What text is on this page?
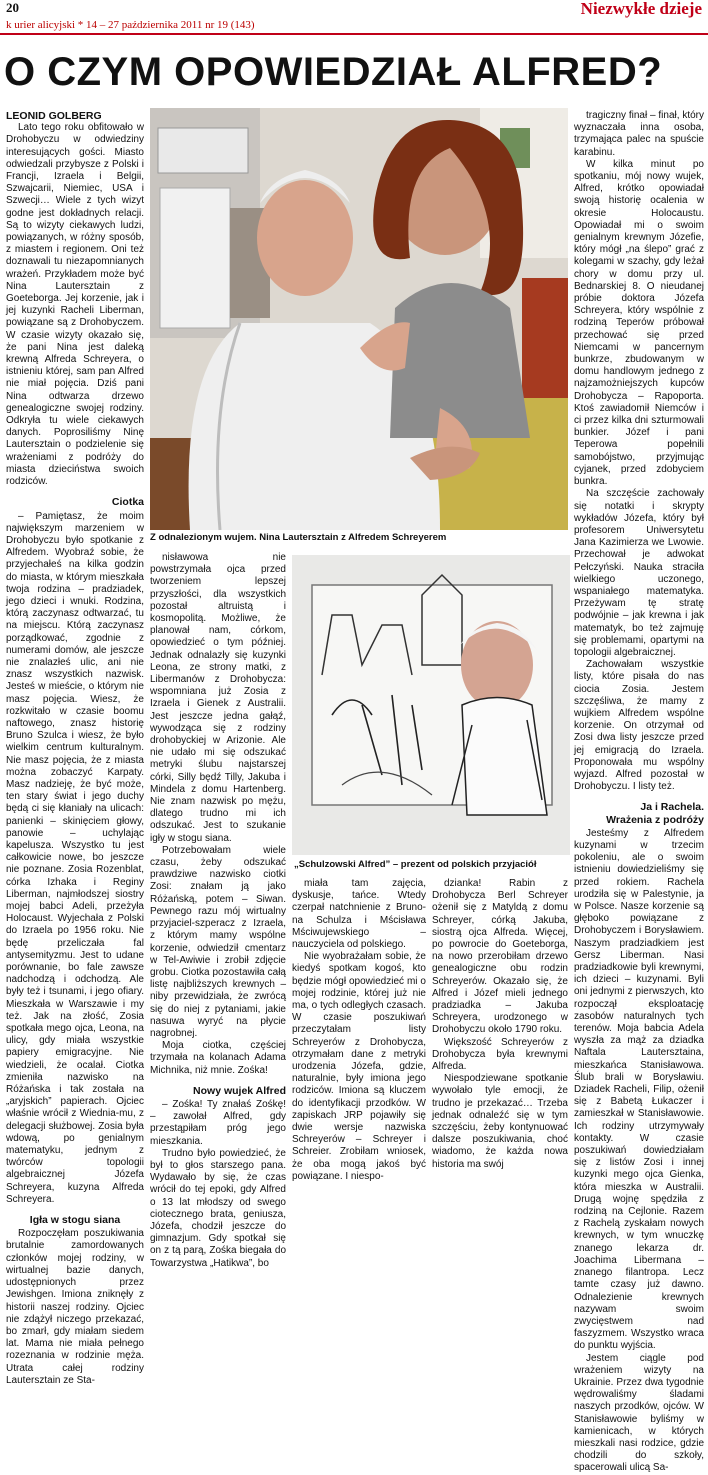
20
k urier alicyjski * 14 – 27 października 2011 nr 19 (143)
Niezwykłe dzieje
O CZYM OPOWIEDZIAŁ ALFRED?

LEONID GOLBERG

Lato tego roku obfitowało w Drohobyczu w odwiedziny interesujących gości. Miasto odwiedzali przybysze z Polski i Francji, Izraela i Belgii, Szwajcarii, Niemiec, USA i Szwecji… Wiele z tych wizyt godne jest dokładnych relacji. Są to wizyty ciekawych ludzi, powiązanych, w różny sposób, z miastem i regionem. Oni też doznawali tu niezapomnianych wrażeń. Przykładem może być Nina Lautersztain z Goeteborga. Jej korzenie, jak i jej kuzynki Racheli Liberman, powiązane są z Drohobyczem. W czasie wizyty okazało się, że pani Nina jest daleką krewną Alfreda Schreyera, o istnieniu której, sam pan Alfred nie miał pojęcia. Dziś pani Nina odtwarza drzewo genealogiczne swojej rodziny. Odkryła tu wiele ciekawych danych. Poprosiliśmy Ninę Lautersztain o podzielenie się wrażeniami z podróży do miasta dzieciństwa swoich rodziców.

Ciotka

– Pamiętasz, że moim największym marzeniem w Drohobyczu było spotkanie z Alfredem. Wyobraź sobie, że przyjechałeś na kilka godzin do miasta, w którym mieszkała twoja rodzina – pradziadek, jego dzieci i wnuki. Rodzina, którą zaczynasz odtwarzać, tu na miejscu. Którą zaczynasz porządkować, zgodnie z numerami domów, ale jeszcze nie znalazłeś ulic, ani nie znasz wszystkich nazwisk. Jesteś w mieście, o którym nie masz pojęcia. Wiesz, że rozkwitało w czasie boomu naftowego, znasz historię Bruno Szulca i wiesz, że było wielkim centrum kulturalnym. Nie masz pojęcia, że z miasta można zobaczyć Karpaty. Masz nadzieję, że być może, ten stary świat i jego duchy będą ci się kłaniały na ulicach: panienki – skinięciem głowy, panowie – uchylając kapelusza. Wszystko tu jest całkowicie nowe, bo jeszcze nie poznane. Zosia Rozenblat, córka Izhaka i Reginy Liberman, najmłodszej siostry mojej babci Adeli, przeżyła Holocaust. Wyjechała z Polski do Izraela po 1956 roku. Nie będę przeliczała fal antysemityzmu. Jest to udane porównanie, bo fale zawsze nadchodzą i odchodzą. Ale były też i tsunami, i jego ofiary. Mieszkała w Warszawie i my też. Jak na złość, Zosia spotkała mego ojca, Leona, na ulicy, gdy miała wszystkie papiery emigracyjne. Nie wiedzieli, że ocalał. Ciotka zmieniła nazwisko na Różańska i tak została na „aryjskich” papierach. Ojciec właśnie wrócił z Wiednia-mu, z delegacji służbowej. Zosia była wdową, po genialnym matematyku, jednym z twórców topologii algebraicznej Józefa Schreyera, kuzyna Alfreda Schreyera.

Igła w stogu siana

Rozpoczęłam poszukiwania brutalnie zamordowanych członków mojej rodziny, w wirtualnej bazie danych, udostępnionych przez Jewishgen. Imiona zniknęły z historii naszej rodziny. Ojciec nie zdążył niczego przekazać, bo zmarł, gdy miałam siedem lat. Mama nie miała pełnego rozeznania w rodzinie męża. Utrata całej rodziny Lautersztain ze Sta-

Z odnalezionym wujem. Nina Lautersztain z Alfredem Schreyerem

nisławowa nie powstrzymała ojca przed tworzeniem lepszej przyszłości, dla wszystkich pozostał altruistą i kosmopolitą. Możliwe, że planował nam, córkom, opowiedzieć o tym później. Jednak odnalazły się kuzynki Leona, ze strony matki, z Libermanów z Drohobycza: wspomniana już Zosia z Izraela i Gienek z Australii. Jest jeszcze jedna gałąź, wywodząca się z rodziny drohobyckiej w Arizonie. Ale nie udało mi się odszukać metryki ślubu najstarszej córki, Silly będź Tilly, Jakuba i Mindela z domu Hartenberg. Nie znam nazwisk po mężu, dlatego trudno mi ich odszukać. Jest to szukanie igły w stogu siana.

Potrzebowałam wiele czasu, żeby odszukać prawdziwe nazwisko ciotki Zosi: znałam ją jako Różańską, potem – Siwan. Pewnego razu mój wirtualny przyjaciel-szperacz z Izraela, z którym mamy wspólne korzenie, odwiedził cmentarz w Tel-Awiwie i zrobił zdjęcie grobu. Ciotka pozostawiła całą listę najbliższych krewnych – niby przewidziała, że zwrócą się do niej z pytaniami, jakie nasuwa wyryć na płycie nagrobnej.

Moja ciotka, częściej trzymała na kolanach Adama Michnika, niż mnie. Zośka!

Nowy wujek Alfred

– Zośka! Ty znałaś Zośkę! – zawołał Alfred, gdy przestąpiłam próg jego mieszkania.

Trudno było powiedzieć, że był to głos starszego pana. Wydawało by się, że czas wrócił do tej epoki, gdy Alfred o 13 lat młodszy od swego ciotecznego brata, geniusza, Józefa, chodził jeszcze do gimnazjum. Gdy spotkał się on z tą parą, Zośka biegała do Towarzystwa „Hatikwa”, bo

„Schulzowski Alfred” – prezent od polskich przyjaciół

miała tam zajęcia, dyskusje, tańce. Wtedy czerpał natchnienie z Bruno-na Schulza i Mścisława Mściwujewskiego – nauczyciela od polskiego.

Nie wyobrażałam sobie, że kiedyś spotkam kogoś, kto będzie mógł opowiedzieć mi o mojej rodzinie, której już nie ma, o tych odległych czasach. W czasie poszukiwań przeczytałam listy Schreyerów z Drohobycza, otrzymałam dane z metryki urodzenia Józefa, gdzie, naturalnie, były imiona jego rodziców. Imiona są kluczem do identyfikacji przodków. W zapiskach JRP pojawiły się dwie wersje nazwiska Schreyerów – Schreyer i Schreier. Zrobiłam wniosek, że oba mogą jakoś być powiązane. I niespo-

dzianka! Rabin z Drohobycza Berl Schreyer ożenił się z Matyldą z domu Schreyer, córką Jakuba, siostrą ojca Alfreda. Więcej, po powrocie do Goeteborga, na nowo przerobiłam drzewo genealogiczne obu rodzin Schreyerów. Okazało się, że Alfred i Józef mieli jednego pradziadka – Jakuba Schreyera, urodzonego w Drohobyczu około 1790 roku.

Większość Schreyerów z Drohobycza była krewnymi Alfreda.

Niespodziewane spotkanie wywołało tyle emocji, że trudno je przekazać… Trzeba jednak odnaleźć się w tym szczęściu, żeby kontynuować dalsze poszukiwania, choć wiadomo, że każda nowa historia ma swój

tragiczny finał – finał, który wyznaczała inna osoba, trzymająca palec na spuście karabinu.

W kilka minut po spotkaniu, mój nowy wujek, Alfred, krótko opowiadał swoją historię ocalenia w okresie Holocaustu. Opowiadał mi o swoim genialnym krewnym Józefie, który mógł „na ślepo” grać z kolegami w szachy, gdy leżał chory w domu przy ul. Bednarskiej 8. O nieudanej próbie doktora Józefa Schreyera, który wspólnie z rodziną Teperów próbował przechować się przed Niemcami w pancernym bunkrze, zbudowanym w domu handlowym jednego z najzamożniejszych kupców Drohobycza – Rapoporta. Ktoś zawiadomił Niemców i ci przez kilka dni szturmowali bunkier. Józef i pani Teperowa popełnili samobójstwo, przyjmując cyjanek, przed zdobyciem bunkra.

Na szczęście zachowały się notatki i skrypty wykładów Józefa, który był profesorem Uniwersytetu Jana Kazimierza we Lwowie. Przechował je adwokat Pełczyński. Nauka straciła wielkiego uczonego, wspaniałego matematyka. Przeżywam tę stratę podwójnie – jak krewna i jak matematyk, bo też zajmuję się problemami, opartymi na topologii algebraicznej.

Zachowałam wszystkie listy, które pisała do nas ciocia Zosia. Jestem szczęśliwa, że mamy z wujkiem Alfredem wspólne korzenie. On otrzymał od Zosi dwa listy jeszcze przed jej emigracją do Izraela. Proponowała mu wspólny wyjazd. Alfred pozostał w Drohobyczu. I listy też.

Ja i Rachela.
Wrażenia z podróży

Jesteśmy z Alfredem kuzynami w trzecim pokoleniu, ale o swoim istnieniu dowiedzieliśmy się przed rokiem. Rachela urodziła się w Palestynie, ja w Polsce. Nasze korzenie są głęboko powiązane z Drohobyczem i Borysławiem. Naszym pradziadkiem jest Gersz Liberman. Nasi pradziadkowie byli krewnymi, ich dzieci – kuzynami. Byli oni jednymi z pierwszych, kto rozpoczął eksploatację zasobów naturalnych tych terenów. Moja babcia Adela wyszła za mąż za dziadka Naftala Lautersztaina, mieszkańca Stanisławowa. Ślub brali w Borysławiu. Dziadek Racheli, Filip, ożenił się z Babetą Łukaczer i zamieszkał w Stanisławowie. Ich rodziny utrzymywały kontakty. W czasie poszukiwań dowiedziałam się z listów Zosi i innej kuzynki mego ojca Gienka, która mieszka w Australii. Drugą wojnę spędziła z rodziną na Cejlonie. Razem z Rachelą zyskałam nowych krewnych, w tym wnuczkę znanego lekarza dr. Joachima Libermana – znanego filantropa. Lecz tamte czasy już dawno. Odnalezienie krewnych nazywam swoim zwycięstwem nad faszyzmem. Wszystko wraca do punktu wyjścia.

Jestem ciągle pod wrażeniem wizyty na Ukrainie. Przez dwa tygodnie wędrowaliśmy śladami naszych przodków, ojców. W Stanisławowie byliśmy w kamienicach, w których mieszkali nasi rodzice, gdzie chodzili do szkoły, spacerowali ulicą Sa-
